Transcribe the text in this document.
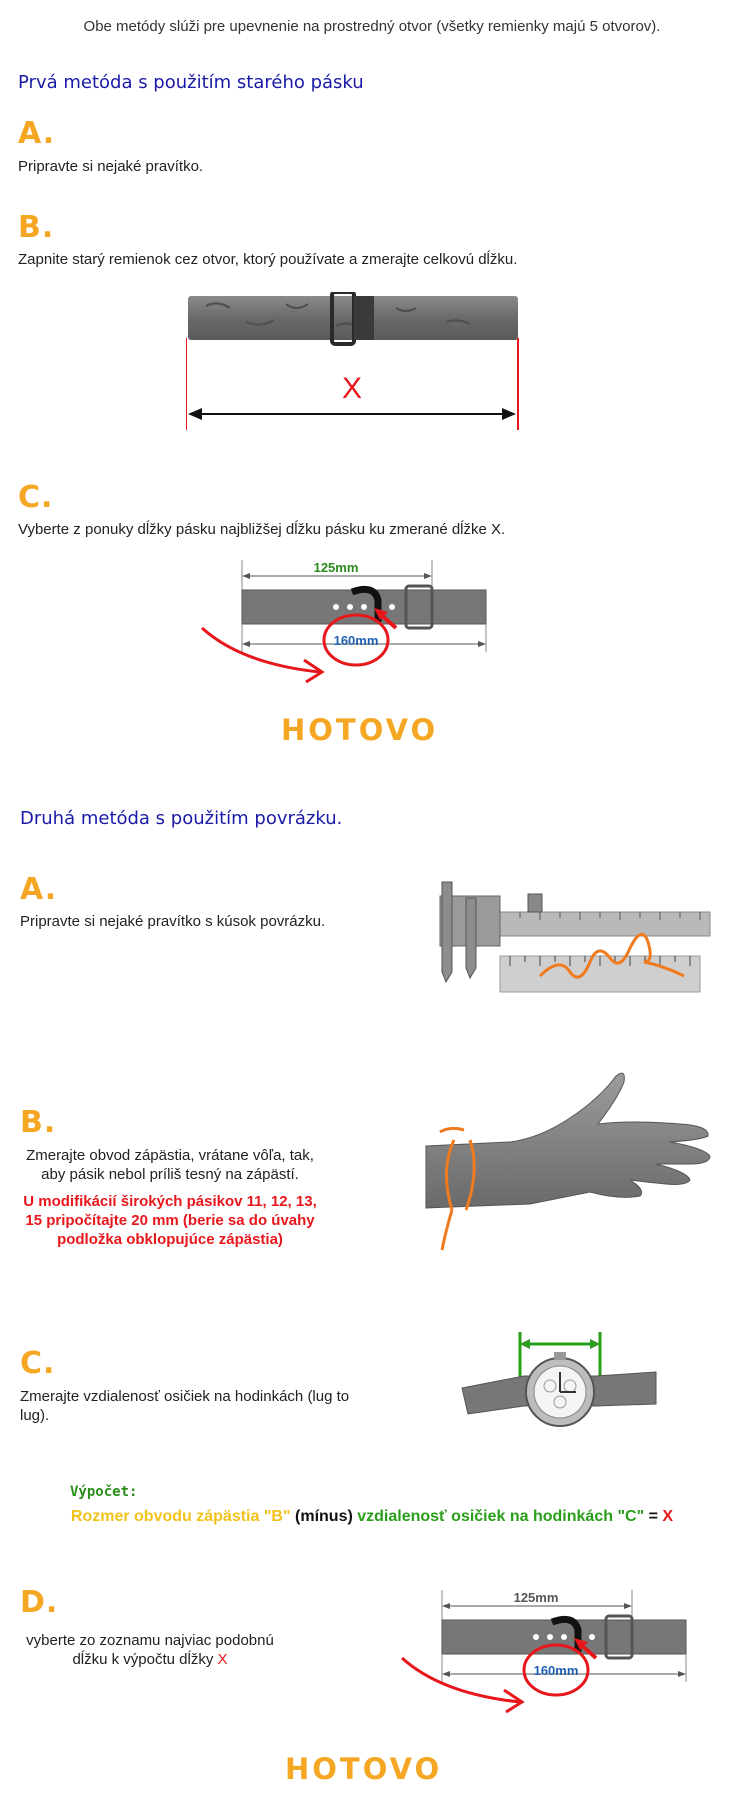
Obe metódy slúži pre upevnenie na prostredný otvor (všetky remienky majú 5 otvorov).
Prvá metóda s použitím starého pásku
A.
Pripravte si nejaké pravítko.
B.
Zapnite starý remienok cez otvor, ktorý používate a zmerajte celkovú dĺžku.
X
C.
Vyberte z ponuky dĺžky pásku najbližšej dĺžku pásku ku zmerané dĺžke X.
125mm
160mm
HOTOVO
Druhá metóda s použitím povrázku.
A.
Pripravte si nejaké pravítko s kúsok povrázku.
B.
Zmerajte obvod zápästia, vrátane vôľa, tak, aby pásik nebol príliš tesný na zápästí.
U modifikácií širokých pásikov 11, 12, 13, 15 pripočítajte 20 mm (berie sa do úvahy podložka obklopujúce zápästia)
C.
Zmerajte vzdialenosť osičiek na hodinkách (lug to lug).
Výpočet:
Rozmer obvodu zápästia "B" (mínus) vzdialenosť osičiek na hodinkách "C" = X
D.
vyberte zo zoznamu najviac podobnú dĺžku k výpočtu dĺžky X
125mm
160mm
HOTOVO
